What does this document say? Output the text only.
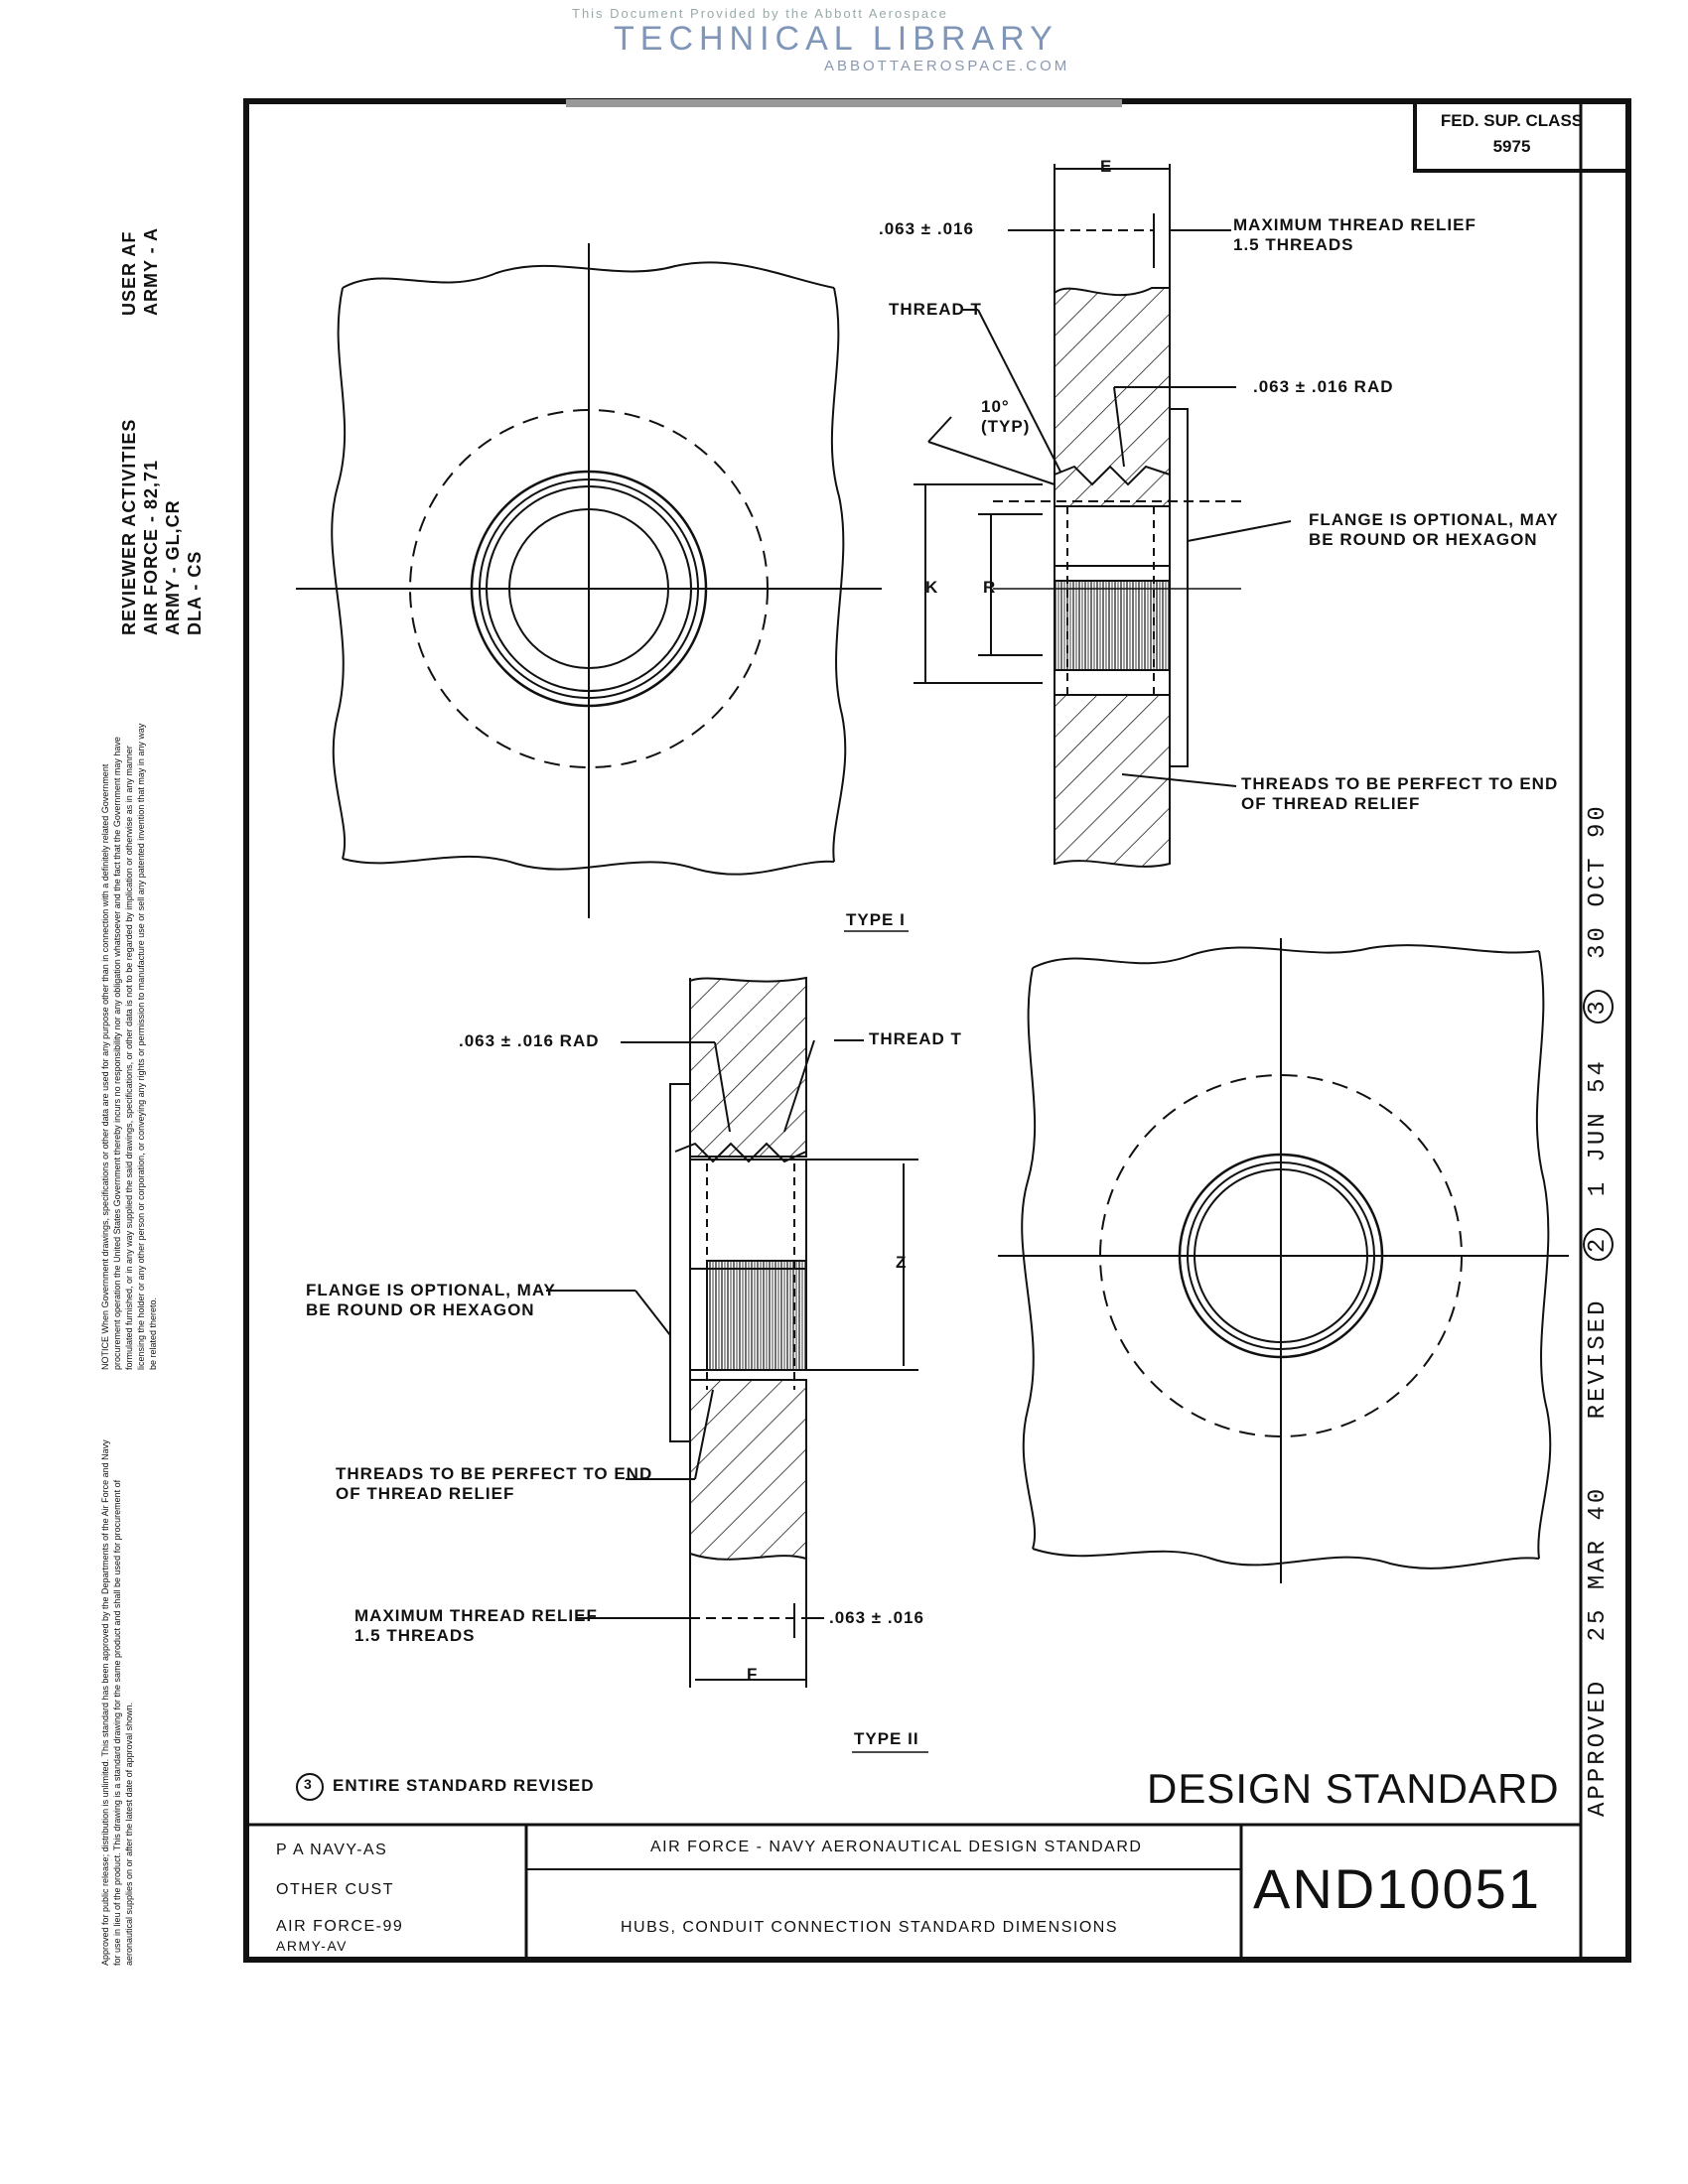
This Document Provided by the Abbott Aerospace
TECHNICAL LIBRARY
ABBOTTAEROSPACE.COM
FED. SUP. CLASS
5975
USER AF ARMY - A
REVIEWER ACTIVITIES AIR FORCE - 82,71 ARMY - GL,CR DLA - CS
NOTICE When Government drawings, specifications or other data are used for any purpose other than in connection with a definitely related Government procurement operation the United States Government thereby incurs no responsibility nor any obligation whatsoever and the fact that the Government may have formulated furnished, or in any way supplied the said drawings, specifications, or other data is not to be regarded by implication or otherwise as in any manner licensing the holder or any other person or corporation, or conveying any rights or permission to manufacture use or sell any patented invention that may in any way be related thereto.
Approved for public release; distribution is unlimited. This standard has been approved by the Departments of the Air Force and Navy for use in lieu of the product. This drawing is a standard drawing for the same product and shall be used for procurement of aeronautical supplies on or after the latest date of approval shown.	APPROVED 25 MAR 40 REVISED 2 1 JUN 54 3 30 OCT 90
E
.063 ± .016	MAXIMUM THREAD RELIEF
1.5 THREADS
THREAD T
.063 ± .016 RAD
10°
(TYP)
FLANGE IS OPTIONAL, MAY
BE ROUND OR HEXAGON
K	R
THREADS TO BE PERFECT TO END
OF THREAD RELIEF
TYPE I
.063 ± .016 RAD	THREAD T
FLANGE IS OPTIONAL, MAY
BE ROUND OR HEXAGON
Z
THREADS TO BE PERFECT TO END
OF THREAD RELIEF
MAXIMUM THREAD RELIEF
1.5 THREADS
.063 ± .016
F
TYPE II
3 ENTIRE STANDARD REVISED	DESIGN STANDARD
P A NAVY-AS
OTHER CUST
AIR FORCE-99
ARMY-AV
AIR FORCE - NAVY AERONAUTICAL DESIGN STANDARD
HUBS, CONDUIT CONNECTION STANDARD DIMENSIONS
AND10051
